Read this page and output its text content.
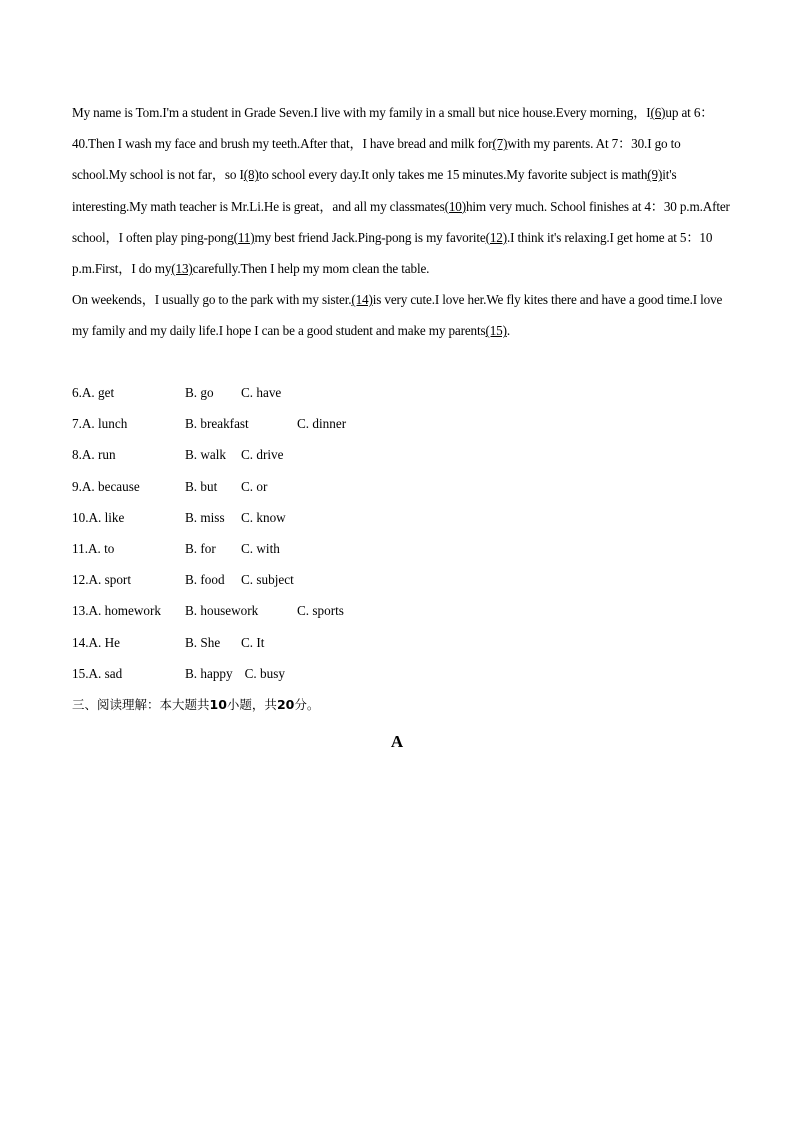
My name is Tom.I'm a student in Grade Seven.I live with my family in a small but nice house.Every morning，I(6)up at 6：40.Then I wash my face and brush my teeth.After that，I have bread and milk for(7)with my parents. At 7：30.I go to school.My school is not far，so I(8)to school every day.It only takes me 15 minutes.My favorite subject is math(9)it's interesting.My math teacher is Mr.Li.He is great，and all my classmates(10)him very much. School finishes at 4：30 p.m.After school，I often play ping-pong(11)my best friend Jack.Ping-pong is my favorite(12).I think it's relaxing.I get home at 5：10 p.m.First，I do my(13)carefully.Then I help my mom clean the table.

On weekends，I usually go to the park with my sister.(14)is very cute.I love her.We fly kites there and have a good time.I love my family and my daily life.I hope I can be a good student and make my parents(15).

6. A. get	B. go C. have
7. A. lunch	B. breakfast	C. dinner
8. A. run	B. walk C. drive
9. A. because	B. but C. or
10. A. like	B. miss C. know
11. A. to	B. for C. with
12. A. sport	B. food C. subject
13. A. homework B. housework	C. sports
14. A. He	B. She C. It
15. A. sad	B. happy C. busy
三、阅读理解：本大题共10小题，共20分。
A
